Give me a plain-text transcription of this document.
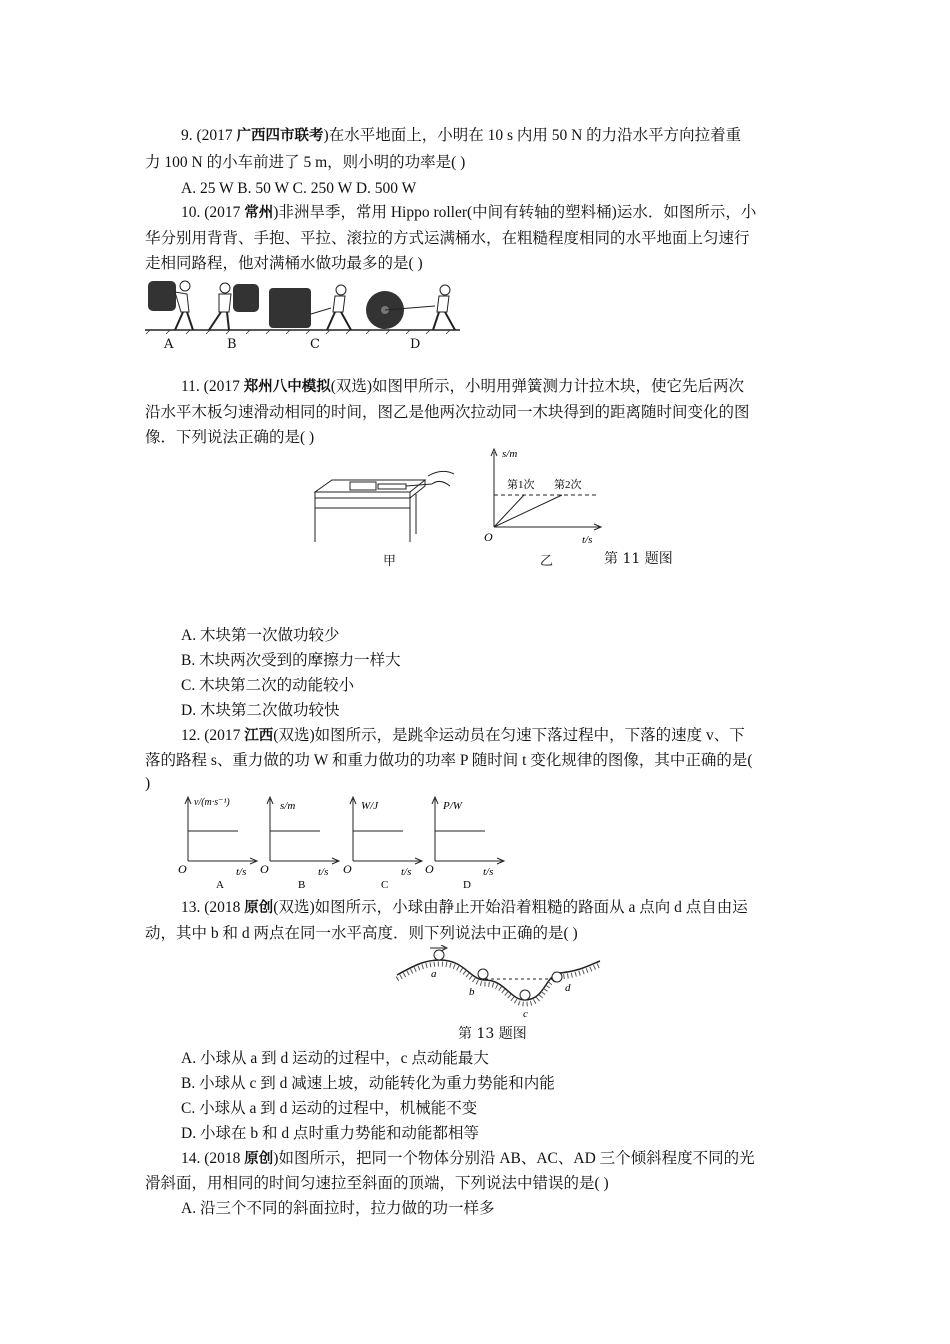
9. (2017 广西四市联考)在水平地面上，小明在 10 s 内用 50 N 的力沿水平方向拉着重
力 100 N 的小车前进了 5 m，则小明的功率是( )
A. 25 W B. 50 W C. 250 W D. 500 W
10. (2017 常州)非洲旱季，常用 Hippo roller(中间有转轴的塑料桶)运水．如图所示，小
华分别用背背、手抱、平拉、滚拉的方式运满桶水，在粗糙程度相同的水平地面上匀速行
走相同路程，他对满桶水做功最多的是( )
A	B	C	D
11. (2017 郑州八中模拟(双选)如图甲所示，小明用弹簧测力计拉木块，使它先后两次
沿水平木板匀速滑动相同的时间，图乙是他两次拉动同一木块得到的距离随时间变化的图
像．下列说法正确的是( )
s/m
t/s
O
第1次 第2次
甲	乙	第 11 题图
A. 木块第一次做功较少
B. 木块两次受到的摩擦力一样大
C. 木块第二次的动能较小
D. 木块第二次做功较快
12. (2017 江西(双选)如图所示，是跳伞运动员在匀速下落过程中，下落的速度 v、下
落的路程 s、重力做的功 W 和重力做功的功率 P 随时间 t 变化规律的图像，其中正确的是(
)
v/(m·s⁻¹)
t/s
O
A
s/m
t/s
O
B
W/J
t/s
O
C
P/W
t/s
O
D
13. (2018 原创(双选)如图所示，小球由静止开始沿着粗糙的路面从 a 点向 d 点自由运
动，其中 b 和 d 两点在同一水平高度．则下列说法中正确的是( )
a
b
c
d
第 13 题图
A. 小球从 a 到 d 运动的过程中，c 点动能最大
B. 小球从 c 到 d 减速上坡，动能转化为重力势能和内能
C. 小球从 a 到 d 运动的过程中，机械能不变
D. 小球在 b 和 d 点时重力势能和动能都相等
14. (2018 原创)如图所示，把同一个物体分别沿 AB、AC、AD 三个倾斜程度不同的光
滑斜面，用相同的时间匀速拉至斜面的顶端，下列说法中错误的是( )
A. 沿三个不同的斜面拉时，拉力做的功一样多
